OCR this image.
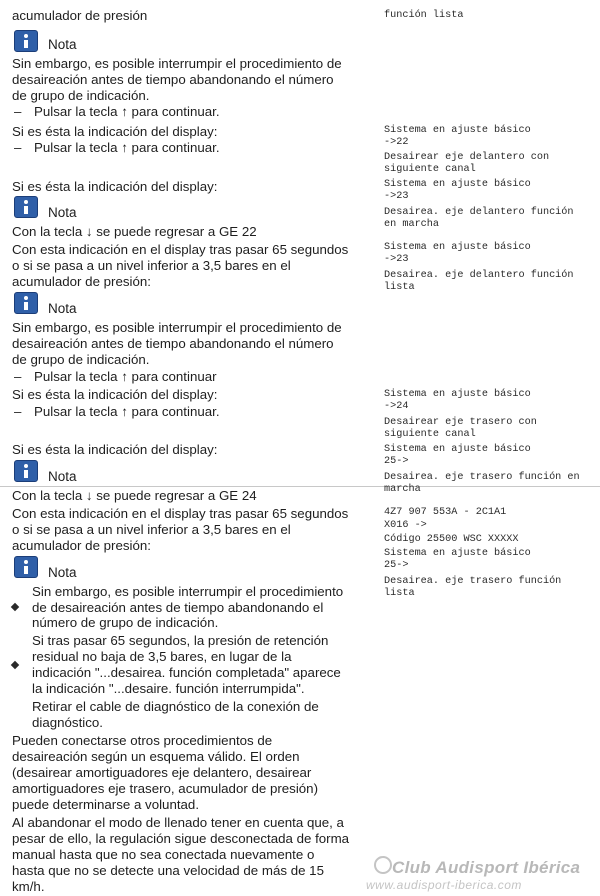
acumulador de presión
Nota
Sin embargo, es posible interrumpir el procedimiento de
desaireación antes de tiempo abandonando el número
de grupo de indicación.
– Pulsar la tecla ↑ para continuar.
Si es ésta la indicación del display:
– Pulsar la tecla ↑ para continuar.
Si es ésta la indicación del display:
Nota
Con la tecla ↓ se puede regresar a GE 22
Con esta indicación en el display tras pasar 65 segundos
o si se pasa a un nivel inferior a 3,5 bares en el
acumulador de presión:
Nota
Sin embargo, es posible interrumpir el procedimiento de
desaireación antes de tiempo abandonando el número
de grupo de indicación.
– Pulsar la tecla ↑ para continuar
Si es ésta la indicación del display:
– Pulsar la tecla ↑ para continuar.
Si es ésta la indicación del display:
Nota
Con la tecla ↓ se puede regresar a GE 24
Con esta indicación en el display tras pasar 65 segundos
o si se pasa a un nivel inferior a 3,5 bares en el
acumulador de presión:
Nota
Sin embargo, es posible interrumpir el procedimiento
de desaireación antes de tiempo abandonando el
número de grupo de indicación.
Si tras pasar 65 segundos, la presión de retención
residual no baja de 3,5 bares, en lugar de la
indicación "...desairea. función completada" aparece
la indicación "...desaire. función interrumpida".
Retirar el cable de diagnóstico de la conexión de
diagnóstico.
Pueden conectarse otros procedimientos de
desaireación según un esquema válido. El orden
(desairear amortiguadores eje delantero, desairear
amortiguadores eje trasero, acumulador de presión)
puede determinarse a voluntad.
Al abandonar el modo de llenado tener en cuenta que, a
pesar de ello, la regulación sigue desconectada de forma
manual hasta que no sea conectada nuevamente o
hasta que no se detecte una velocidad de más de 15
km/h.
función lista
Sistema en ajuste básico
->22
Desairear eje delantero con
siguiente canal
Sistema en ajuste básico
->23
Desairea. eje delantero función
en marcha
Sistema en ajuste básico
->23
Desairea. eje delantero función
lista
Sistema en ajuste básico
->24
Desairear eje trasero con
siguiente canal
Sistema en ajuste básico
25->
Desairea. eje trasero función en
marcha
4Z7 907 553A - 2C1A1
X016 ->
Código 25500 WSC XXXXX
Sistema en ajuste básico
25->
Desairea. eje trasero función
lista
Club Audisport Ibérica
www.audisport-iberica.com
